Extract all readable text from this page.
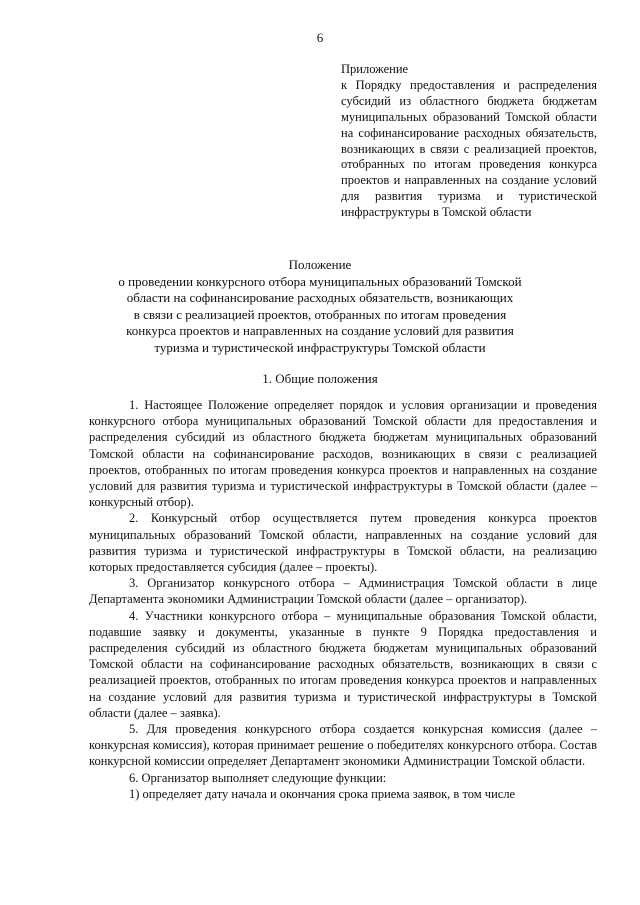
6
Приложение
к Порядку предоставления и распределения субсидий из областного бюджета бюджетам муниципальных образований Томской области на софинансирование расходных обязательств, возникающих в связи с реализацией проектов, отобранных по итогам проведения конкурса проектов и направленных на создание условий для развития туризма и туристической инфраструктуры в Томской области
Положение
о проведении конкурсного отбора муниципальных образований Томской
области на софинансирование расходных обязательств, возникающих
в связи с реализацией проектов, отобранных по итогам проведения
конкурса проектов и направленных на создание условий для развития
туризма и туристической инфраструктуры Томской области
1. Общие положения

1. Настоящее Положение определяет порядок и условия организации и проведения конкурсного отбора муниципальных образований Томской области для предоставления и распределения субсидий из областного бюджета бюджетам муниципальных образований Томской области на софинансирование расходов, возникающих в связи с реализацией проектов, отобранных по итогам проведения конкурса проектов и направленных на создание условий для развития туризма и туристической инфраструктуры в Томской области (далее – конкурсный отбор).

2. Конкурсный отбор осуществляется путем проведения конкурса проектов муниципальных образований Томской области, направленных на создание условий для развития туризма и туристической инфраструктуры в Томской области, на реализацию которых предоставляется субсидия (далее – проекты).

3. Организатор конкурсного отбора – Администрация Томской области в лице Департамента экономики Администрации Томской области (далее – организатор).

4. Участники конкурсного отбора – муниципальные образования Томской области, подавшие заявку и документы, указанные в пункте 9 Порядка предоставления и распределения субсидий из областного бюджета бюджетам муниципальных образований Томской области на софинансирование расходных обязательств, возникающих в связи с реализацией проектов, отобранных по итогам проведения конкурса проектов и направленных на создание условий для развития туризма и туристической инфраструктуры в Томской области (далее – заявка).

5. Для проведения конкурсного отбора создается конкурсная комиссия (далее – конкурсная комиссия), которая принимает решение о победителях конкурсного отбора. Состав конкурсной комиссии определяет Департамент экономики Администрации Томской области.

6. Организатор выполняет следующие функции:

1) определяет дату начала и окончания срока приема заявок, в том числе
